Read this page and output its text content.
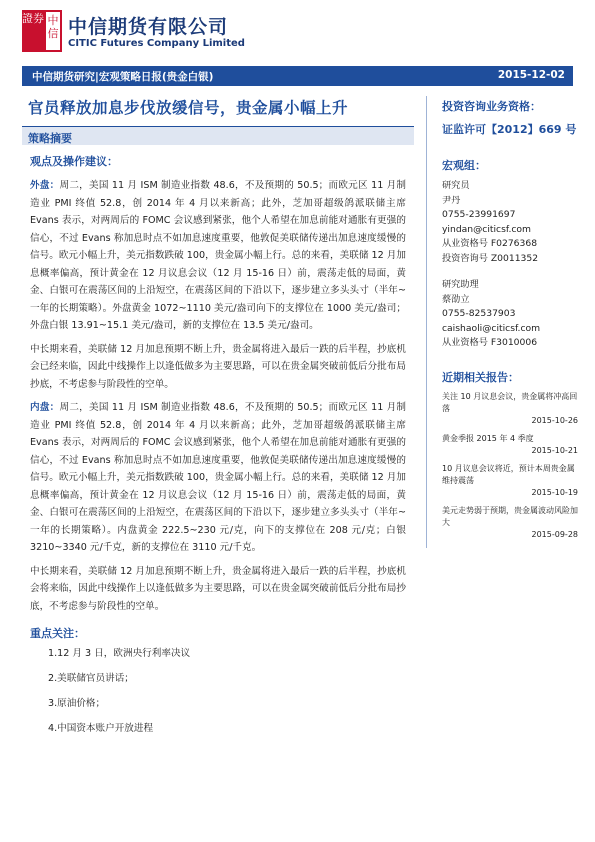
證券 中信 中信期货有限公司
CITIC Futures Company Limited
中信期货研究|宏观策略日报(贵金白银)	2015-12-02
官员释放加息步伐放缓信号，贵金属小幅上升
策略摘要
观点及操作建议：

外盘：周二，美国 11 月 ISM 制造业指数 48.6，不及预期的 50.5；而欧元区 11 月制造业 PMI 终值 52.8，创 2014 年 4 月以来新高；此外，芝加哥超级鸽派联储主席 Evans 表示，对两周后的 FOMC 会议感到紧张，他个人希望在加息前能对通胀有更强的信心，不过 Evans 称加息时点不如加息速度重要，他敦促美联储传递出加息速度缓慢的信号。欧元小幅上升，美元指数跌破 100，贵金属小幅上行。总的来看，美联储 12 月加息概率偏高，预计黄金在 12 月议息会议（12 月 15-16 日）前，震荡走低的局面，黄金、白银可在震荡区间的上沿短空，在震荡区间的下沿以下，逐步建立多头头寸（半年~一年的长期策略）。外盘黄金 1072~1110 美元/盎司向下的支撑位在 1000 美元/盎司；外盘白银 13.91~15.1 美元/盎司，新的支撑位在 13.5 美元/盎司。

中长期来看，美联储 12 月加息预期不断上升，贵金属将进入最后一跌的后半程，抄底机会已经来临，因此中线操作上以逢低做多为主要思路，可以在贵金属突破前低后分批布局抄底，不考虑参与阶段性的空单。

内盘：周二，美国 11 月 ISM 制造业指数 48.6，不及预期的 50.5；而欧元区 11 月制造业 PMI 终值 52.8，创 2014 年 4 月以来新高；此外，芝加哥超级鸽派联储主席 Evans 表示，对两周后的 FOMC 会议感到紧张，他个人希望在加息前能对通胀有更强的信心，不过 Evans 称加息时点不如加息速度重要，他敦促美联储传递出加息速度缓慢的信号。欧元小幅上升，美元指数跌破 100，贵金属小幅上行。总的来看，美联储 12 月加息概率偏高，预计黄金在 12 月议息会议（12 月 15-16 日）前，震荡走低的局面，黄金、白银可在震荡区间的上沿短空，在震荡区间的下沿以下，逐步建立多头头寸（半年~一年的长期策略）。内盘黄金 222.5~230 元/克，向下的支撑位在 208 元/克；白银 3210~3340 元/千克，新的支撑位在 3110 元/千克。

中长期来看，美联储 12 月加息预期不断上升，贵金属将进入最后一跌的后半程，抄底机会将来临，因此中线操作上以逢低做多为主要思路，可以在贵金属突破前低后分批布局抄底，不考虑参与阶段性的空单。

重点关注：
1.12 月 3 日，欧洲央行利率决议
2.美联储官员讲话；
3.原油价格；
4.中国资本账户开放进程
投资咨询业务资格：
证监许可【2012】669 号
宏观组：
研究员
尹丹
0755-23991697
yindan@citicsf.com
从业资格号 F0276368
投资咨询号 Z0011352
研究助理
蔡劭立
0755-82537903
caishaoli@citicsf.com
从业资格号 F3010006
近期相关报告：
关注 10 月议息会议，贵金属将冲高回落
2015-10-26
黄金季报 2015 年 4 季度
2015-10-21
10 月议息会议将近，预计本周贵金属维持震荡
2015-10-19
美元走势弱于预期，贵金属波动风险加大
2015-09-28
